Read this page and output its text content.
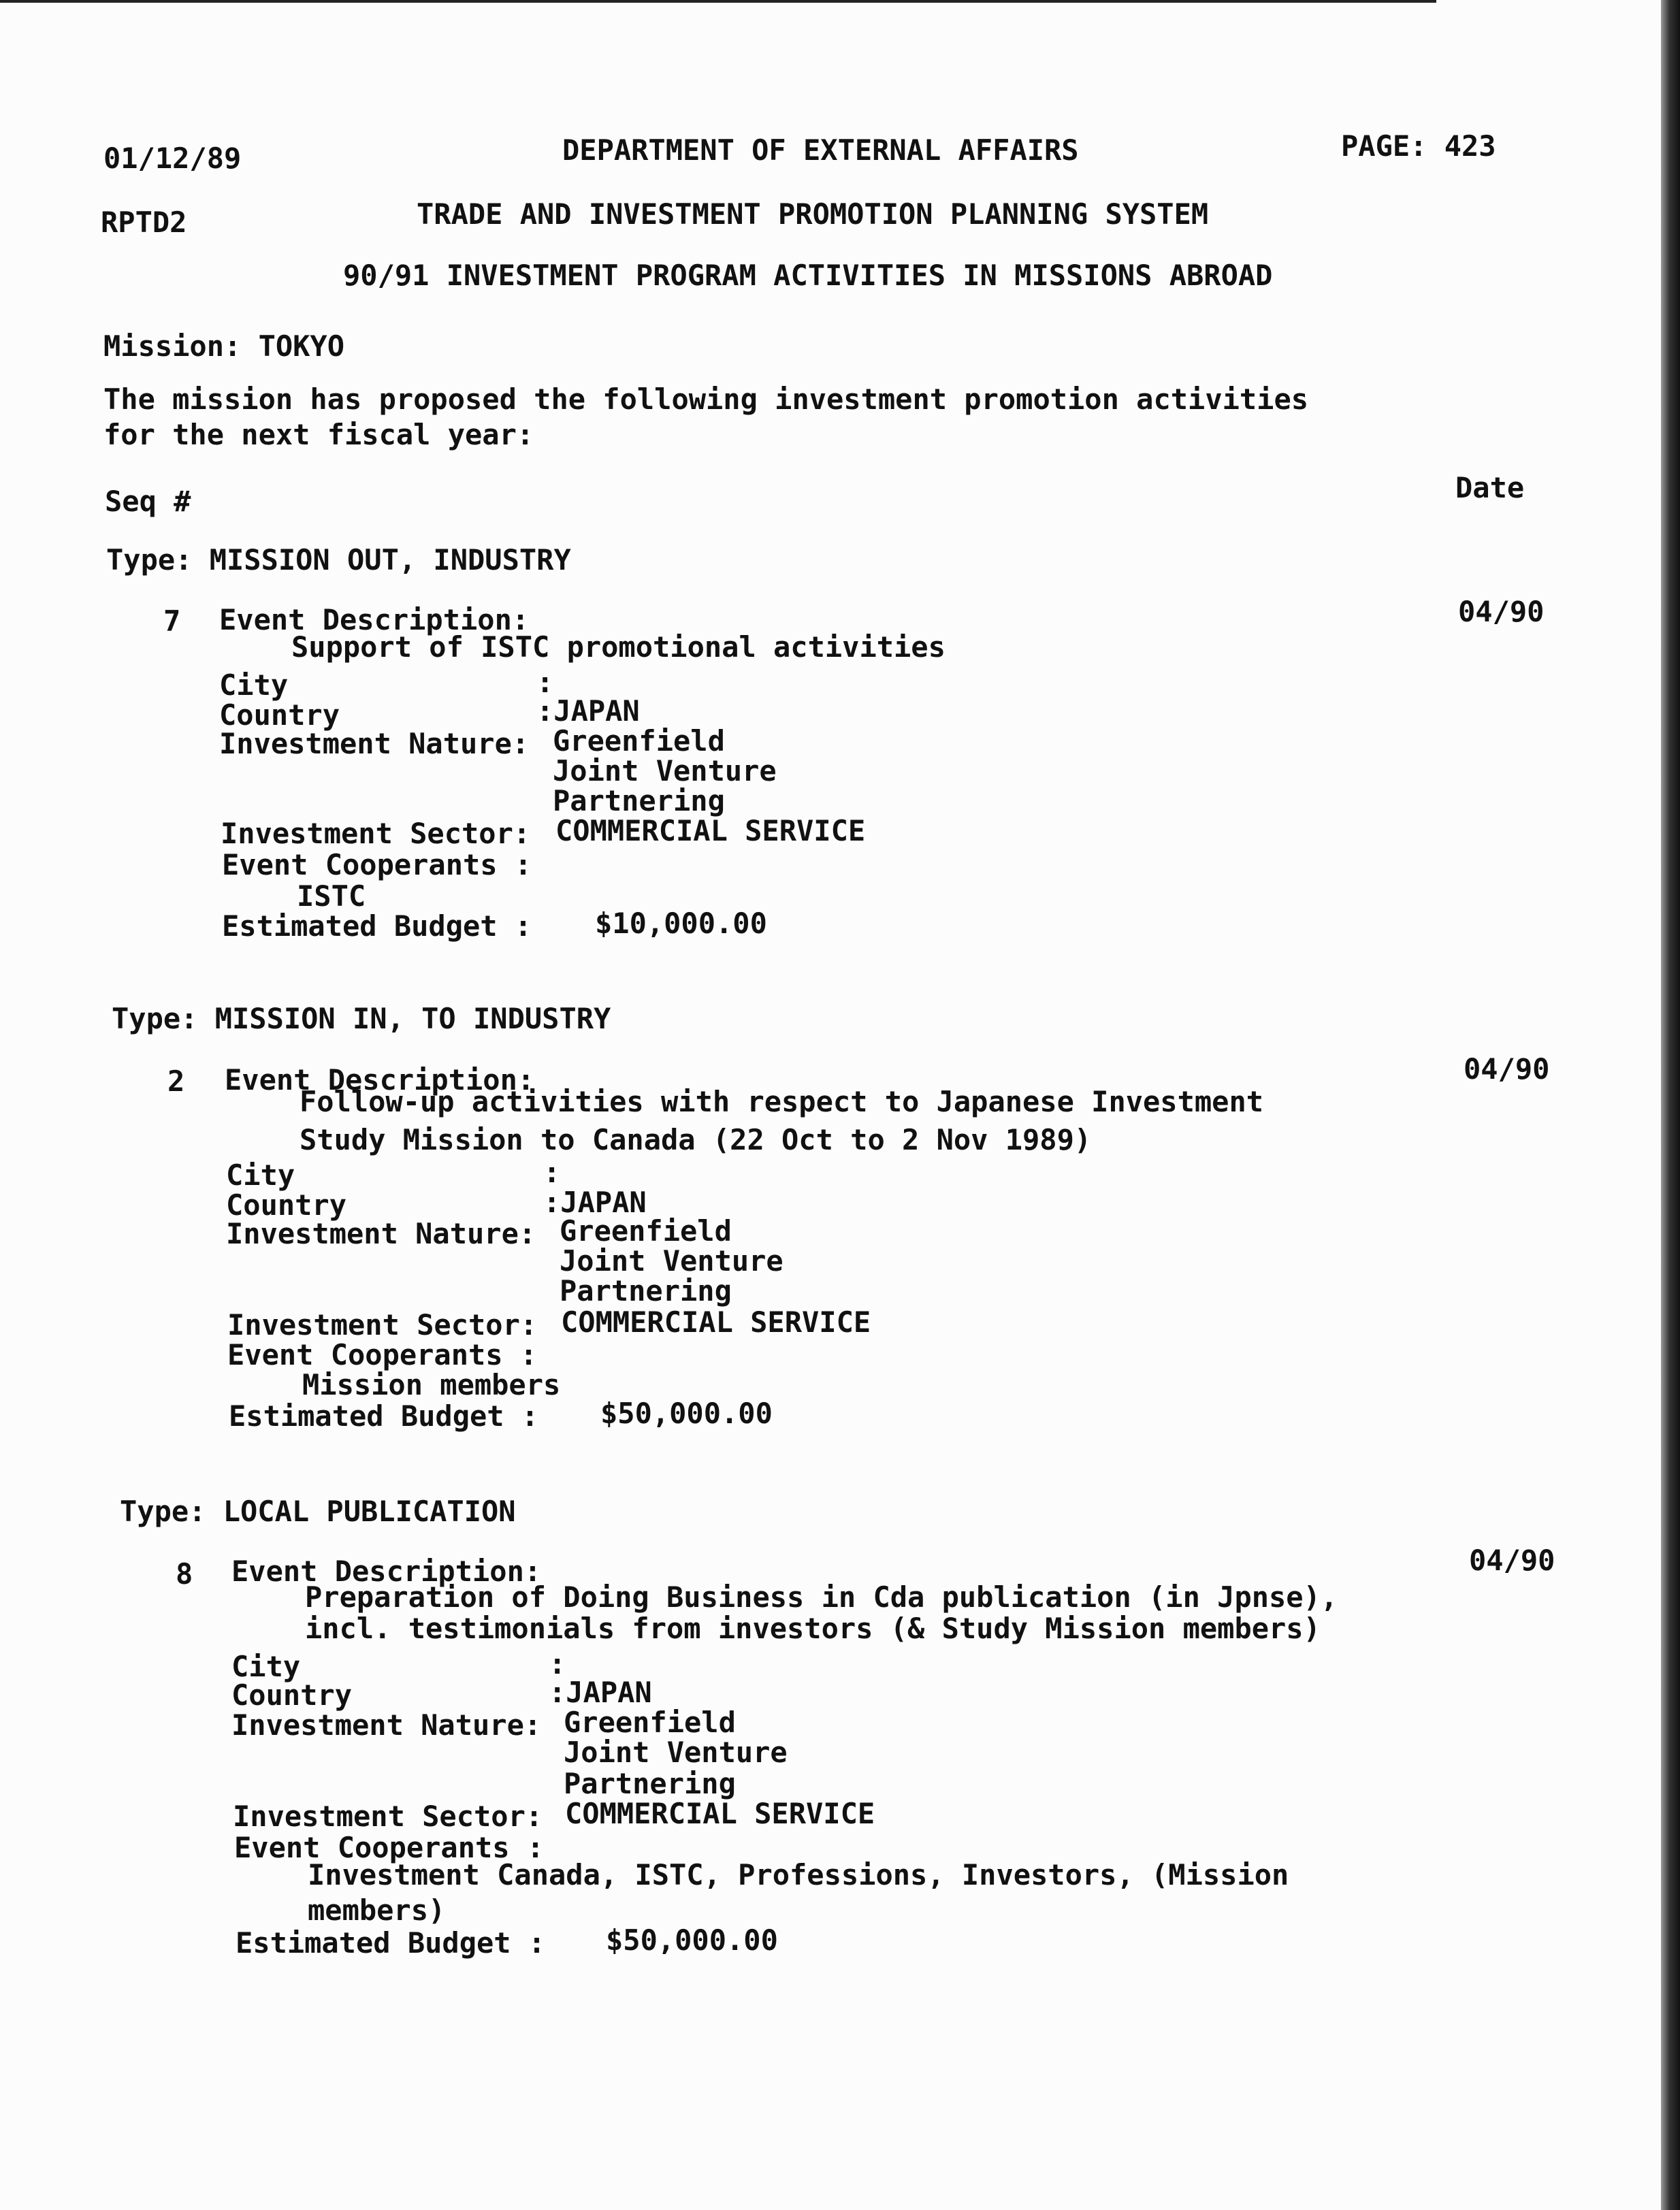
01/12/89	DEPARTMENT OF EXTERNAL AFFAIRS	PAGE: 423
RPTD2	TRADE AND INVESTMENT PROMOTION PLANNING SYSTEM
90/91 INVESTMENT PROGRAM ACTIVITIES IN MISSIONS ABROAD
Mission: TOKYO
The mission has proposed the following investment promotion activities
for the next fiscal year:
Seq #	Date
Type: MISSION OUT, INDUSTRY
7 Event Description:	04/90
Support of ISTC promotional activities
City	:
Country	:JAPAN
Investment Nature: Greenfield
Joint Venture
Partnering
Investment Sector: COMMERCIAL SERVICE
Event Cooperants :
ISTC
Estimated Budget : $10,000.00
Type: MISSION IN, TO INDUSTRY
2 Event Description:	04/90
Follow-up activities with respect to Japanese Investment
Study Mission to Canada (22 Oct to 2 Nov 1989)
City	:
Country	:JAPAN
Investment Nature: Greenfield
Joint Venture
Partnering
Investment Sector: COMMERCIAL SERVICE
Event Cooperants :
Mission members
Estimated Budget : $50,000.00
Type: LOCAL PUBLICATION
8 Event Description:	04/90
Preparation of Doing Business in Cda publication (in Jpnse),
incl. testimonials from investors (& Study Mission members)
City	:
Country	:JAPAN
Investment Nature: Greenfield
Joint Venture
Partnering
Investment Sector: COMMERCIAL SERVICE
Event Cooperants :
Investment Canada, ISTC, Professions, Investors, (Mission
members)
Estimated Budget : $50,000.00
